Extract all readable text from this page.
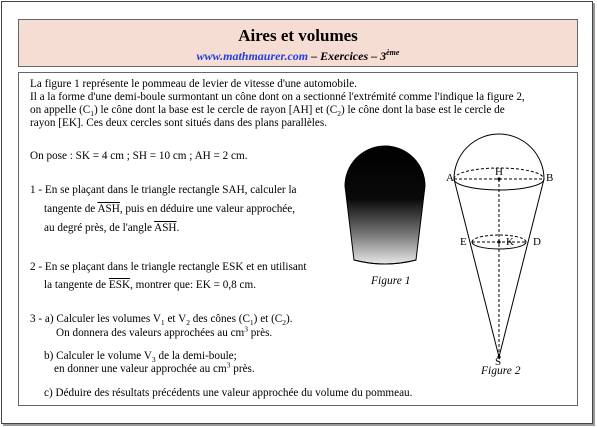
Aires et volumes
www.mathmaurer.com – Exercices – 3ème
La figure 1 représente le pommeau de levier de vitesse d'une automobile.
Il a la forme d'une demi-boule surmontant un cône dont on a sectionné l'extrémité comme l'indique la figure 2,
on appelle $(C_1)$ le cône dont la base est le cercle de rayon [AH] et $(C_2)$ le cône dont la base est le cercle de
rayon [EK]. Ces deux cercles sont situés dans des plans parallèles.
On pose : SK = 4 cm ; SH = 10 cm ; AH = 2 cm.
1 - En se plaçant dans le triangle rectangle SAH, calculer la
tangente de $\overline{ASH}$, puis en déduire une valeur approchée,
au degré près, de l'angle $\overline{ASH}$.
2 - En se plaçant dans le triangle rectangle ESK et en utilisant
la tangente de $\overline{ESK}$, montrer que: EK = 0,8 cm.
3 - a) Calculer les volumes $V_1$ et $V_2$ des cônes $(C_1)$ et $(C_2)$.
On donnera des valeurs approchées au $cm^3$ près.
b) Calculer le volume $V_3$ de la demi-boule;
en donner une valeur approchée au $cm^3$ près.
c) Déduire des résultats précédents une valeur approchée du volume du pommeau.
Figure 1
H
A	B
E	K D
S
Figure 2
